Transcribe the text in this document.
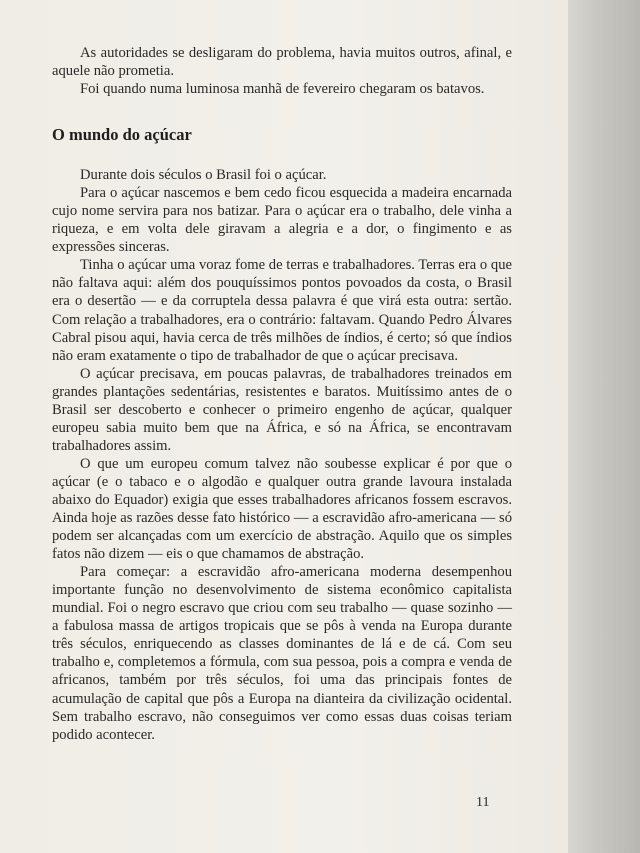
As autoridades se desligaram do problema, havia muitos outros, afinal, e aquele não prometia.

Foi quando numa luminosa manhã de fevereiro chegaram os batavos.

O mundo do açúcar

Durante dois séculos o Brasil foi o açúcar.

Para o açúcar nascemos e bem cedo ficou esquecida a madeira encarnada cujo nome servira para nos batizar. Para o açúcar era o trabalho, dele vinha a riqueza, e em volta dele giravam a alegria e a dor, o fingimento e as expressões sinceras.

Tinha o açúcar uma voraz fome de terras e trabalhadores. Terras era o que não faltava aqui: além dos pouquíssimos pontos povoados da costa, o Brasil era o desertão — e da corruptela dessa palavra é que virá esta outra: sertão. Com relação a trabalhadores, era o contrário: faltavam. Quando Pedro Álvares Cabral pisou aqui, havia cerca de três milhões de índios, é certo; só que índios não eram exatamente o tipo de trabalhador de que o açúcar precisava.

O açúcar precisava, em poucas palavras, de trabalhadores treinados em grandes plantações sedentárias, resistentes e baratos. Muitíssimo antes de o Brasil ser descoberto e conhecer o primeiro engenho de açúcar, qualquer europeu sabia muito bem que na África, e só na África, se encontravam trabalhadores assim.

O que um europeu comum talvez não soubesse explicar é por que o açúcar (e o tabaco e o algodão e qualquer outra grande lavoura instalada abaixo do Equador) exigia que esses trabalhadores africanos fossem escravos. Ainda hoje as razões desse fato histórico — a escravidão afro-americana — só podem ser alcançadas com um exercício de abstração. Aquilo que os simples fatos não dizem — eis o que chamamos de abstração.

Para começar: a escravidão afro-americana moderna desempenhou importante função no desenvolvimento de sistema econômico capitalista mundial. Foi o negro escravo que criou com seu trabalho — quase sozinho — a fabulosa massa de artigos tropicais que se pôs à venda na Europa durante três séculos, enriquecendo as classes dominantes de lá e de cá. Com seu trabalho e, completemos a fórmula, com sua pessoa, pois a compra e venda de africanos, também por três séculos, foi uma das principais fontes de acumulação de capital que pôs a Europa na dianteira da civilização ocidental. Sem trabalho escravo, não conseguimos ver como essas duas coisas teriam podido acontecer.

11
